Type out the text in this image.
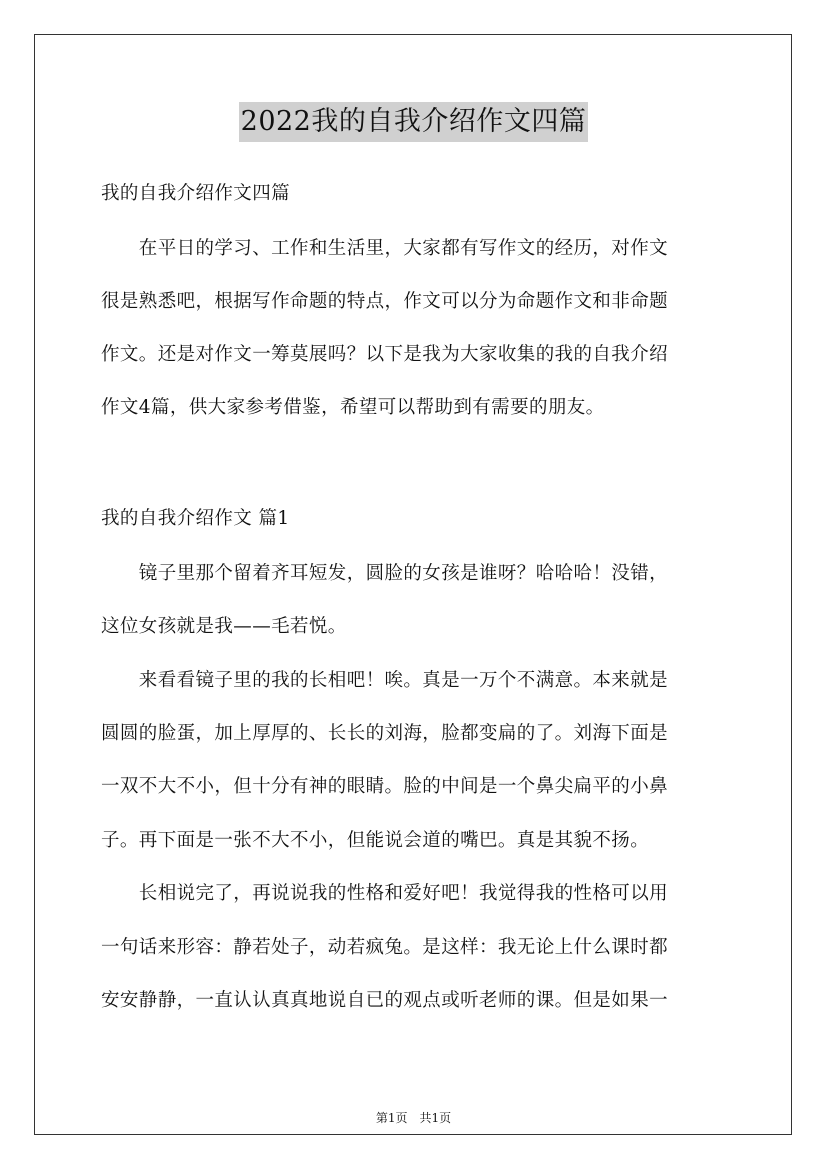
2022我的自我介绍作文四篇
我的自我介绍作文四篇
　　在平日的学习、工作和生活里，大家都有写作文的经历，对作文
很是熟悉吧，根据写作命题的特点，作文可以分为命题作文和非命题
作文。还是对作文一筹莫展吗？以下是我为大家收集的我的自我介绍
作文4篇，供大家参考借鉴，希望可以帮助到有需要的朋友。
我的自我介绍作文 篇1
　　镜子里那个留着齐耳短发，圆脸的女孩是谁呀？哈哈哈！没错，
这位女孩就是我——毛若悦。
　　来看看镜子里的我的长相吧！唉。真是一万个不满意。本来就是
圆圆的脸蛋，加上厚厚的、长长的刘海，脸都变扁的了。刘海下面是
一双不大不小，但十分有神的眼睛。脸的中间是一个鼻尖扁平的小鼻
子。再下面是一张不大不小，但能说会道的嘴巴。真是其貌不扬。
　　长相说完了，再说说我的性格和爱好吧！我觉得我的性格可以用
一句话来形容：静若处子，动若疯兔。是这样：我无论上什么课时都
安安静静，一直认认真真地说自已的观点或听老师的课。但是如果一
第1页　共1页
